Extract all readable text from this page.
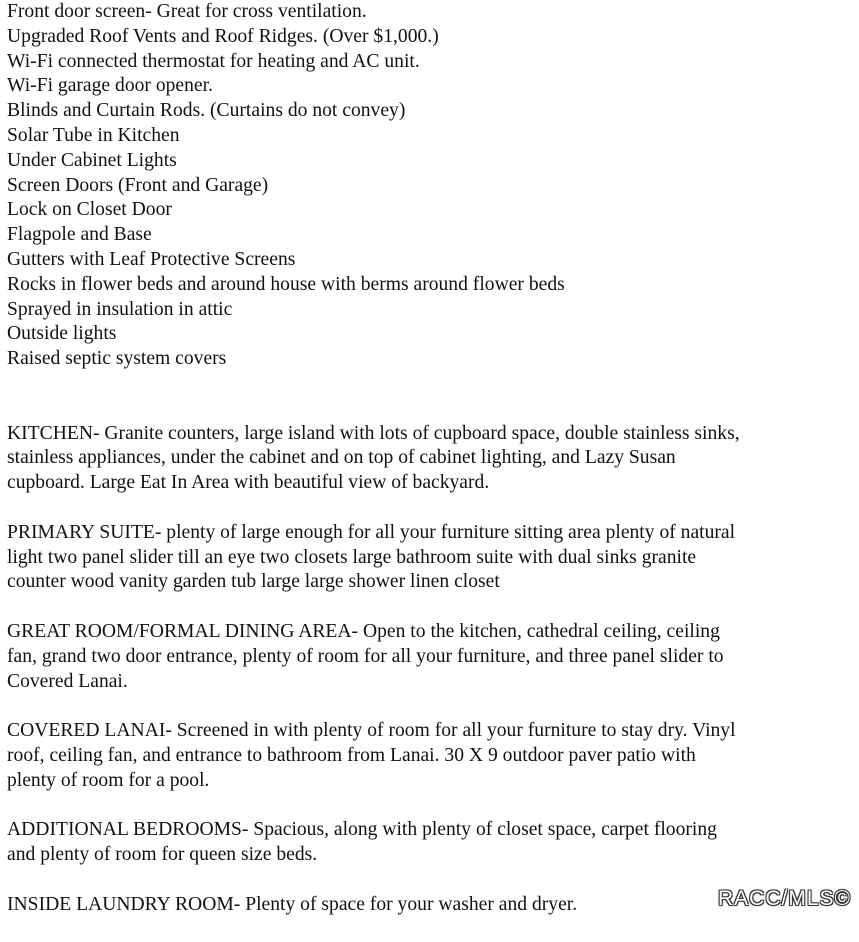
Front door screen- Great for cross ventilation.

Upgraded Roof Vents and Roof Ridges. (Over $1,000.)

Wi-Fi connected thermostat for heating and AC unit.

Wi-Fi garage door opener.

Blinds and Curtain Rods. (Curtains do not convey)

Solar Tube in Kitchen

Under Cabinet Lights

Screen Doors (Front and Garage)

Lock on Closet Door

Flagpole and Base

Gutters with Leaf Protective Screens

Rocks in flower beds and around house with berms around flower beds

Sprayed in insulation in attic

Outside lights

Raised septic system covers

KITCHEN- Granite counters, large island with lots of cupboard space, double stainless sinks, stainless appliances, under the cabinet and on top of cabinet lighting, and Lazy Susan cupboard. Large Eat In Area with beautiful view of backyard.

PRIMARY SUITE- plenty of large enough for all your furniture sitting area plenty of natural light two panel slider till an eye two closets large bathroom suite with dual sinks granite counter wood vanity garden tub large large shower linen closet

GREAT ROOM/FORMAL DINING AREA- Open to the kitchen, cathedral ceiling, ceiling fan, grand two door entrance, plenty of room for all your furniture, and three panel slider to Covered Lanai.

COVERED LANAI- Screened in with plenty of room for all your furniture to stay dry. Vinyl roof, ceiling fan, and entrance to bathroom from Lanai. 30 X 9 outdoor paver patio with plenty of room for a pool.

ADDITIONAL BEDROOMS- Spacious, along with plenty of closet space, carpet flooring and plenty of room for queen size beds.

INSIDE LAUNDRY ROOM- Plenty of space for your washer and dryer.	RACC/MLS©
